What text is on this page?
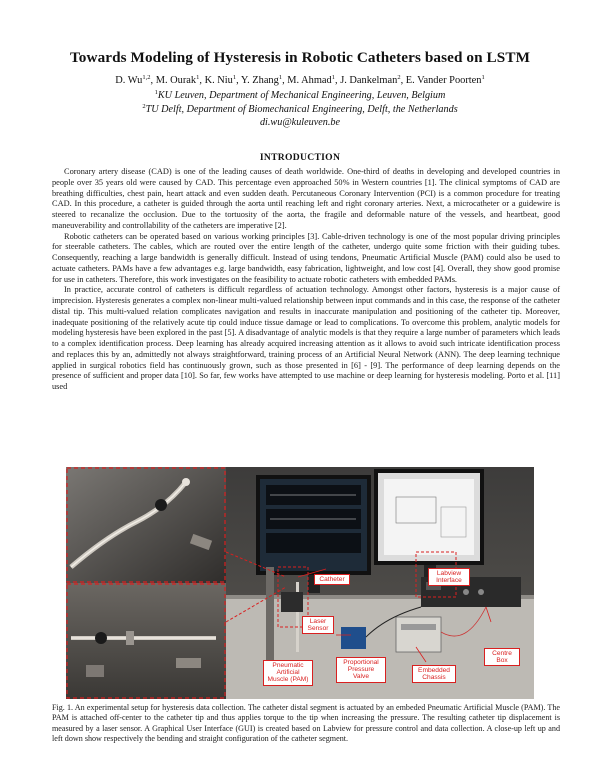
Towards Modeling of Hysteresis in Robotic Catheters based on LSTM
D. Wu$^{1,2}$, M. Ourak$^1$, K. Niu$^1$, Y. Zhang$^1$, M. Ahmad$^1$, J. Dankelman$^2$, E. Vander Poorten$^1$
$^1$KU Leuven, Department of Mechanical Engineering, Leuven, Belgium
$^2$TU Delft, Department of Biomechanical Engineering, Delft, the Netherlands
di.wu@kuleuven.be
INTRODUCTION

Coronary artery disease (CAD) is one of the leading causes of death worldwide. One-third of deaths in developing and developed countries in people over 35 years old were caused by CAD. This percentage even approached 50% in Western countries [1]. The clinical symptoms of CAD are breathing difficulties, chest pain, heart attack and even sudden death. Percutaneous Coronary Intervention (PCI) is a common procedure for treating CAD. In this procedure, a catheter is guided through the aorta until reaching left and right coronary arteries. Next, a microcatheter or a guidewire is steered to recanalize the occlusion. Due to the tortuosity of the aorta, the fragile and deformable nature of the vessels, and heartbeat, good maneuverability and controllability of the catheters are imperative [2].

Robotic catheters can be operated based on various working principles [3]. Cable-driven technology is one of the most popular driving principles for steerable catheters. The cables, which are routed over the entire length of the catheter, undergo quite some friction with their guiding tubes. Consequently, reaching a large bandwidth is generally difficult. Instead of using tendons, Pneumatic Artificial Muscle (PAM) could also be used to actuate catheters. PAMs have a few advantages e.g. large bandwidth, easy fabrication, lightweight, and low cost [4]. Overall, they show good promise for use in catheters. Therefore, this work investigates on the feasibility to actuate robotic catheters with embedded PAMs.

In practice, accurate control of catheters is difficult regardless of actuation technology. Amongst other factors, hysteresis is a major cause of imprecision. Hysteresis generates a complex non-linear multi-valued relationship between input commands and in this case, the response of the catheter distal tip. This multi-valued relation complicates navigation and results in inaccurate manipulation and positioning of the catheter tip. Moreover, inadequate positioning of the relatively acute tip could induce tissue damage or lead to complications. To overcome this problem, analytic models for modeling hysteresis have been explored in the past [5]. A disadvantage of analytic models is that they require a large number of parameters which leads to a complex identification process. Deep learning has already acquired increasing attention as it allows to avoid such intricate identification process and replaces this by an, admittedly not always straightforward, training process of an Artificial Neural Network (ANN). The deep learning technique applied in surgical robotics field has continuously grown, such as those presented in [6] - [9]. The performance of deep learning depends on the presence of sufficient and proper data [10]. So far, few works have attempted to use machine or deep learning for hysteresis modeling. Porto et al. [11] used

Catheter
Labview Interface
Laser Sensor
Pneumatic Artificial Muscle (PAM)
Proportional Pressure Valve
Embedded Chassis
Centre Box
Fig. 1. An experimental setup for hysteresis data collection. The catheter distal segment is actuated by an embeded Pneumatic Artificial Muscle (PAM). The PAM is attached off-center to the catheter tip and thus applies torque to the tip when increasing the pressure. The resulting catheter tip displacement is measured by a laser sensor. A Graphical User Interface (GUI) is created based on Labview for pressure control and data collection. A close-up left up and left down show respectively the bending and straight configuration of the catheter segment.
